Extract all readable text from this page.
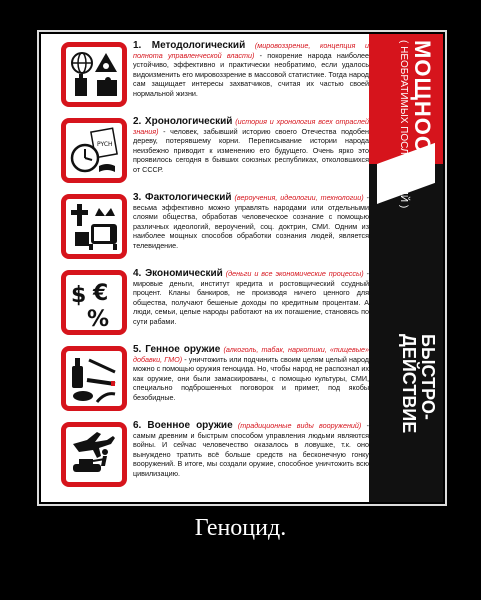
1. Методологический (мировоззрение, концепция и полнота управленческой власти) - покорение народа наиболее устойчиво, эффективно и практически необратимо, если удалось видоизменить его мировоззрение в массовой статистике. Тогда народ сам защищает интересы захватчиков, считая их частью своей нормальной жизни.
PYCH
2. Хронологический (история и хронология всех отраслей знания) - человек, забывший историю своего Отечества подобен дереву, потерявшему корни. Переписывание истории народа неизбежно приводит к изменению его будущего. Очень ярко это проявилось сегодня в бывших союзных республиках, отколовшихся от СССР.
3. Фактологический (вероучения, идеологии, технологии) - весьма эффективно можно управлять народами или отдельными слоями общества, обработав человеческое сознание с помощью различных идеологий, вероучений, соц. доктрин, СМИ. Одним из наиболее мощных способов обработки сознания людей, является телевидение.
$ €
%
4. Экономический (деньги и все экономические процессы) - мировые деньги, институт кредита и ростовщический ссудный процент. Кланы банкиров, не производя ничего ценного для общества, получают бешеные доходы по кредитным процентам. А люди, семьи, целые народы работают на их погашение, становясь по сути рабами.
5. Генное оружие (алкоголь, табак, наркотики, «пищевые» добавки, ГМО) - уничтожить или подчинить своим целям целый народ можно с помощью оружия геноцида. Но, чтобы народ не распознал их как оружие, они были замаскированы, с помощью культуры, СМИ, специально подброшенных поговорок и примет, под якобы безобидные.
6. Военное оружие (традиционные виды вооружений) - самым древним и быстрым способом управления людьми являются войны. И сейчас человечество оказалось в ловушке, т.к. оно вынуждено тратить всё больше средств на бесконечную гонку вооружений. В итоге, мы создали оружие, способное уничтожить всю цивилизацию.
МОЩНОСТЬ
( НЕОБРАТИМЫХ ПОСЛЕДСТВИЙ )
БЫСТРО-
ДЕЙСТВИЕ
Геноцид.
